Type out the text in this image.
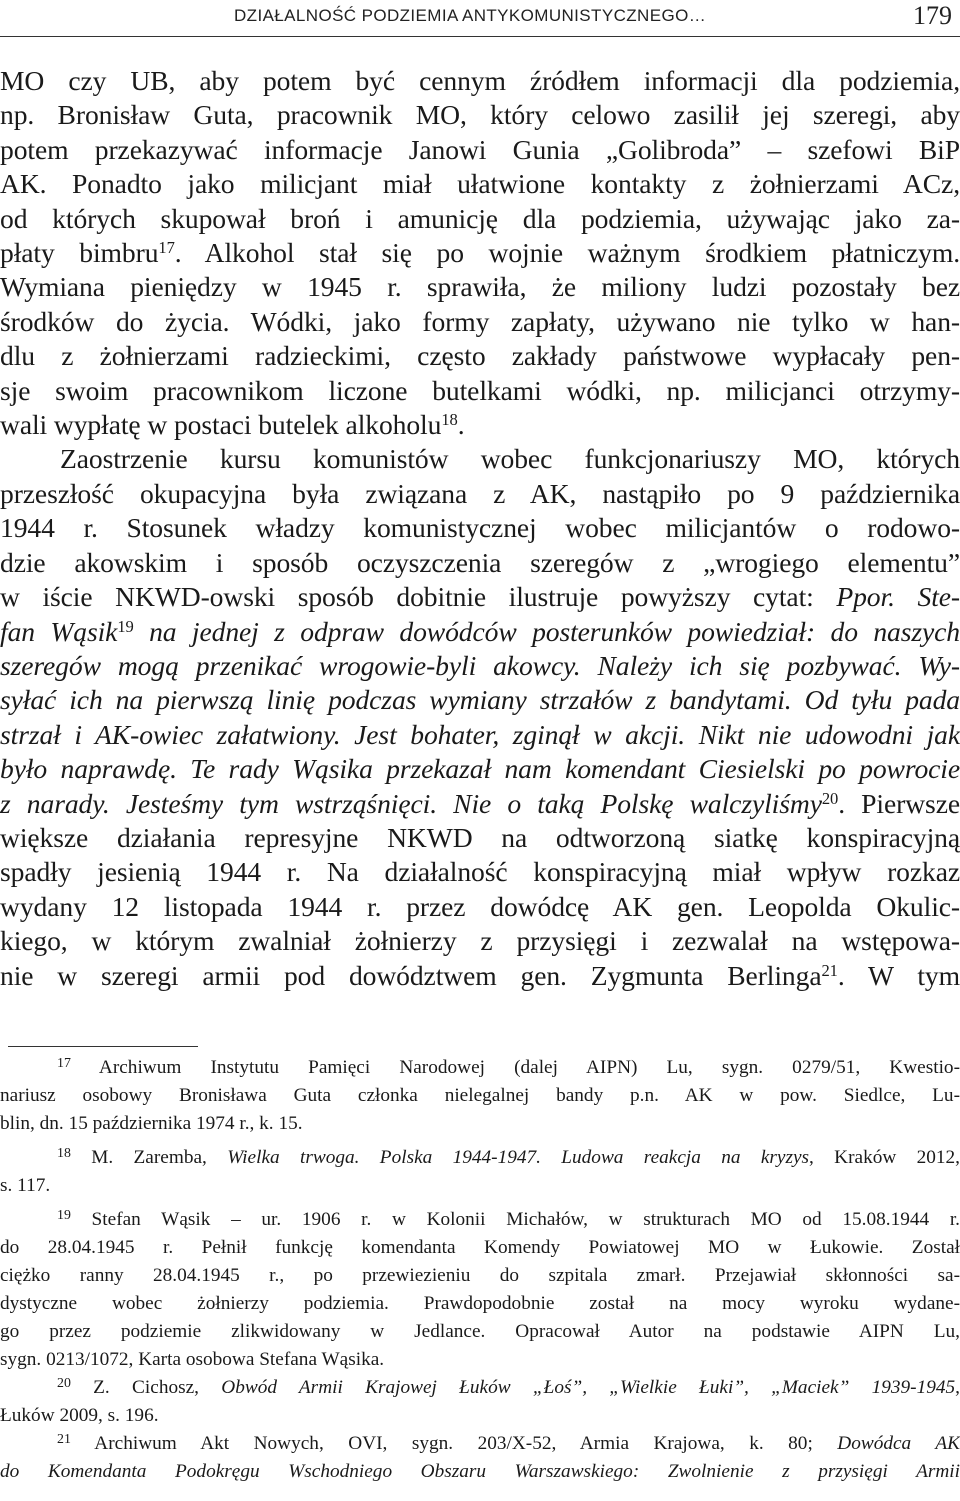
DZIAŁALNOŚĆ PODZIEMIA ANTYKOMUNISTYCZNEGO…	179
MO czy UB, aby potem być cennym źródłem informacji dla podziemia,
np. Bronisław Guta, pracownik MO, który celowo zasilił jej szeregi, aby
potem przekazywać informacje Janowi Gunia „Golibroda” – szefowi BiP
AK. Ponadto jako milicjant miał ułatwione kontakty z żołnierzami ACz,
od których skupował broń i amunicję dla podziemia, używając jako za-
płaty bimbru$^{17}$. Alkohol stał się po wojnie ważnym środkiem płatniczym.
Wymiana pieniędzy w 1945 r. sprawiła, że miliony ludzi pozostały bez
środków do życia. Wódki, jako formy zapłaty, używano nie tylko w han-
dlu z żołnierzami radzieckimi, często zakłady państwowe wypłacały pen-
sje swoim pracownikom liczone butelkami wódki, np. milicjanci otrzymy-
wali wypłatę w postaci butelek alkoholu$^{18}$.
Zaostrzenie kursu komunistów wobec funkcjonariuszy MO, których
przeszłość okupacyjna była związana z AK, nastąpiło po 9 października
1944 r. Stosunek władzy komunistycznej wobec milicjantów o rodowo-
dzie akowskim i sposób oczyszczenia szeregów z „wrogiego elementu”
w iście NKWD-owski sposób dobitnie ilustruje powyższy cytat: Ppor. Ste-
fan Wąsik$^{19}$ na jednej z odpraw dowódców posterunków powiedział: do naszych
szeregów mogą przenikać wrogowie-byli akowcy. Należy ich się pozbywać. Wy-
syłać ich na pierwszą linię podczas wymiany strzałów z bandytami. Od tyłu pada
strzał i AK-owiec załatwiony. Jest bohater, zginął w akcji. Nikt nie udowodni jak
było naprawdę. Te rady Wąsika przekazał nam komendant Ciesielski po powrocie
z narady. Jesteśmy tym wstrząśnięci. Nie o taką Polskę walczyliśmy$^{20}$. Pierwsze
większe działania represyjne NKWD na odtworzoną siatkę konspiracyjną
spadły jesienią 1944 r. Na działalność konspiracyjną miał wpływ rozkaz
wydany 12 listopada 1944 r. przez dowódcę AK gen. Leopolda Okulic-
kiego, w którym zwalniał żołnierzy z przysięgi i zezwalał na wstępowa-
nie w szeregi armii pod dowództwem gen. Zygmunta Berlinga$^{21}$. W tym
$^{17}$ Archiwum Instytutu Pamięci Narodowej (dalej AIPN) Lu, sygn. 0279/51, Kwestio-
nariusz osobowy Bronisława Guta członka nielegalnej bandy p.n. AK w pow. Siedlce, Lu-
blin, dn. 15 października 1974 r., k. 15.
$^{18}$ M. Zaremba, Wielka trwoga. Polska 1944-1947. Ludowa reakcja na kryzys, Kraków 2012,
s. 117.
$^{19}$ Stefan Wąsik – ur. 1906 r. w Kolonii Michałów, w strukturach MO od 15.08.1944 r.
do 28.04.1945 r. Pełnił funkcję komendanta Komendy Powiatowej MO w Łukowie. Został
ciężko ranny 28.04.1945 r., po przewiezieniu do szpitala zmarł. Przejawiał skłonności sa-
dystyczne wobec żołnierzy podziemia. Prawdopodobnie został na mocy wyroku wydane-
go przez podziemie zlikwidowany w Jedlance. Opracował Autor na podstawie AIPN Lu,
sygn. 0213/1072, Karta osobowa Stefana Wąsika.
$^{20}$ Z. Cichosz, Obwód Armii Krajowej Łuków „Łoś”, „Wielkie Łuki”, „Maciek” 1939-1945,
Łuków 2009, s. 196.
$^{21}$ Archiwum Akt Nowych, OVI, sygn. 203/X-52, Armia Krajowa, k. 80; Dowódca AK
do Komendanta Podokręgu Wschodniego Obszaru Warszawskiego: Zwolnienie z przysięgi Armii
